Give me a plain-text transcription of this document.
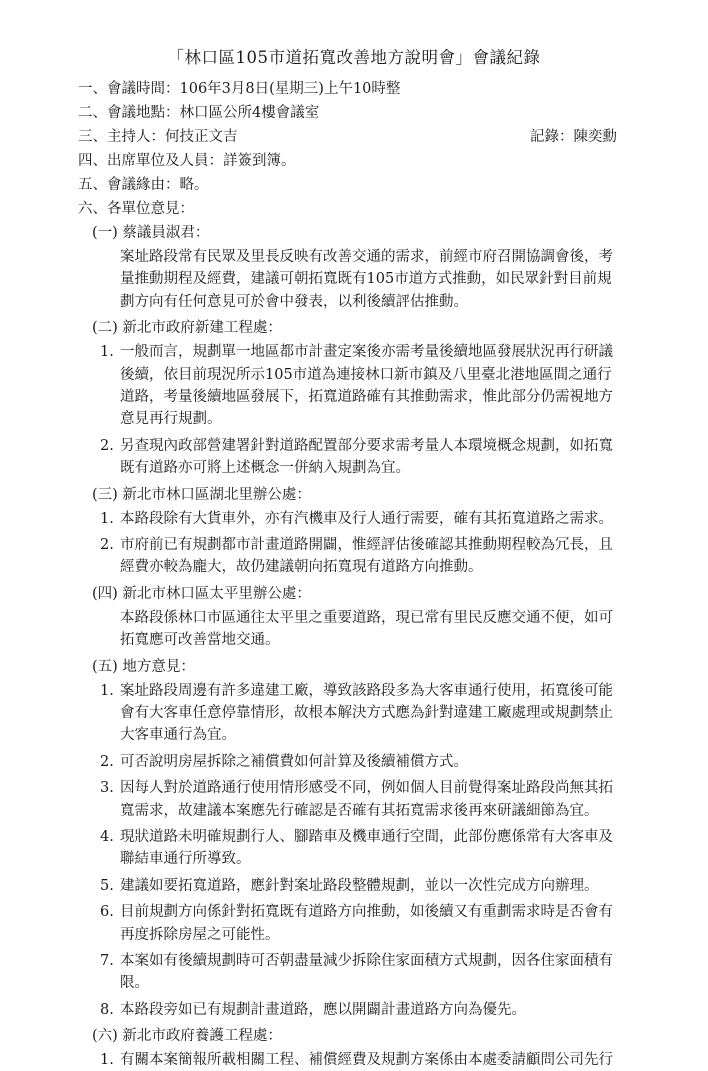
「林口區105市道拓寬改善地方說明會」會議紀錄
一、會議時間：106年3月8日(星期三)上午10時整
二、會議地點：林口區公所4樓會議室
三、主持人：何技正文吉	記錄：陳奕勳
四、出席單位及人員：詳簽到簿。
五、會議緣由：略。
六、各單位意見：
(一) 蔡議員淑君：
案址路段常有民眾及里長反映有改善交通的需求，前經市府召開協調會後，考
量推動期程及經費，建議可朝拓寬既有105市道方式推動，如民眾針對目前規
劃方向有任何意見可於會中發表，以利後續評估推動。
(二) 新北市政府新建工程處：
1. 一般而言，規劃單一地區都市計畫定案後亦需考量後續地區發展狀況再行研議
後續，依目前現況所示105市道為連接林口新市鎮及八里臺北港地區間之通行
道路，考量後續地區發展下，拓寬道路確有其推動需求，惟此部分仍需視地方
意見再行規劃。
2. 另查現內政部營建署針對道路配置部分要求需考量人本環境概念規劃，如拓寬
既有道路亦可將上述概念一併納入規劃為宜。
(三) 新北市林口區湖北里辦公處：
1. 本路段除有大貨車外，亦有汽機車及行人通行需要，確有其拓寬道路之需求。
2. 市府前已有規劃都市計畫道路開闢，惟經評估後確認其推動期程較為冗長，且
經費亦較為龐大，故仍建議朝向拓寬現有道路方向推動。
(四) 新北市林口區太平里辦公處：
本路段係林口市區通往太平里之重要道路，現已常有里民反應交通不便，如可
拓寬應可改善當地交通。
(五) 地方意見：
1. 案址路段周邊有許多違建工廠，導致該路段多為大客車通行使用，拓寬後可能
會有大客車任意停靠情形，故根本解決方式應為針對違建工廠處理或規劃禁止
大客車通行為宜。
2. 可否說明房屋拆除之補償費如何計算及後續補償方式。
3. 因每人對於道路通行使用情形感受不同，例如個人目前覺得案址路段尚無其拓
寬需求，故建議本案應先行確認是否確有其拓寬需求後再來研議細節為宜。
4. 現狀道路未明確規劃行人、腳踏車及機車通行空間，此部份應係常有大客車及
聯結車通行所導致。
5. 建議如要拓寬道路，應針對案址路段整體規劃，並以一次性完成方向辦理。
6. 目前規劃方向係針對拓寬既有道路方向推動，如後續又有重劃需求時是否會有
再度拆除房屋之可能性。
7. 本案如有後續規劃時可否朝盡量減少拆除住家面積方式規劃，因各住家面積有
限。
8. 本路段旁如已有規劃計畫道路，應以開闢計畫道路方向為優先。
(六) 新北市政府養護工程處：
1. 有關本案簡報所載相關工程、補償經費及規劃方案係由本處委請顧問公司先行
